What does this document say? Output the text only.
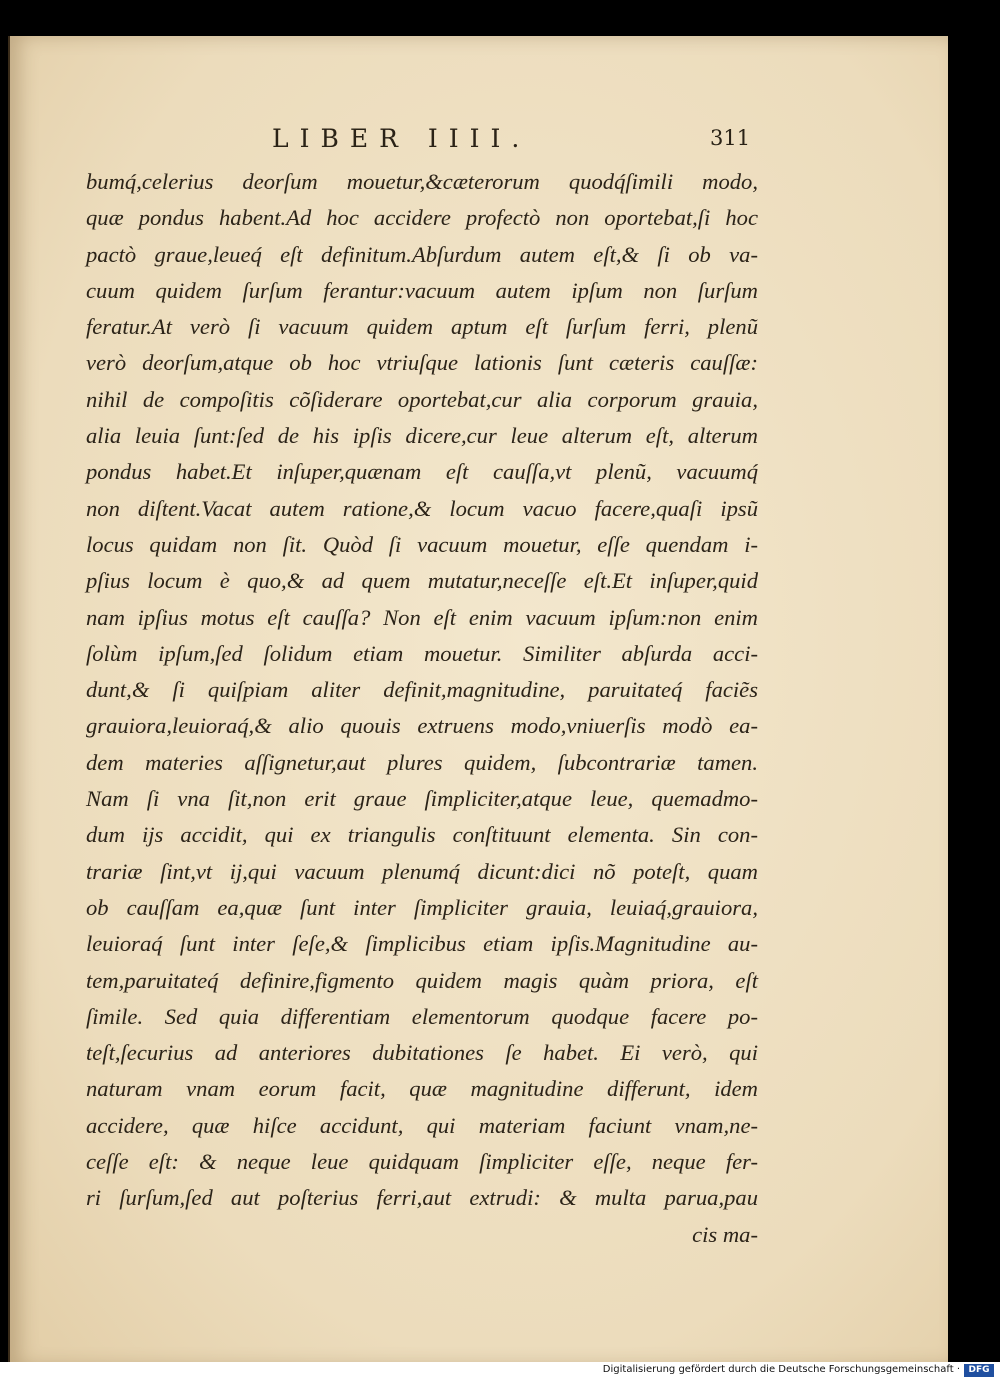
LIBER IIII.	311
bumq́,celerius deorſum mouetur,&cæterorum quodq́ſimili modo,
quæ pondus habent.Ad hoc accidere profectò non oportebat,ſi hoc
pactò graue,leueq́ eſt definitum.Abſurdum autem eſt,& ſi ob va-
cuum quidem ſurſum ferantur:vacuum autem ipſum non ſurſum
feratur.At verò ſi vacuum quidem aptum eſt ſurſum ferri, plenũ
verò deorſum,atque ob hoc vtriuſque lationis ſunt cæteris cauſſæ:
nihil de compoſitis cõſiderare oportebat,cur alia corporum grauia,
alia leuia ſunt:ſed de his ipſis dicere,cur leue alterum eſt, alterum
pondus habet.Et inſuper,quænam eſt cauſſa,vt plenũ, vacuumq́
non diſtent.Vacat autem ratione,& locum vacuo facere,quaſi ipsũ
locus quidam non ſit. Quòd ſi vacuum mouetur, eſſe quendam i-
pſius locum è quo,& ad quem mutatur,neceſſe eſt.Et inſuper,quid
nam ipſius motus eſt cauſſa? Non eſt enim vacuum ipſum:non enim
ſolùm ipſum,ſed ſolidum etiam mouetur. Similiter abſurda acci-
dunt,& ſi quiſpiam aliter definit,magnitudine, paruitateq́ faciẽs
grauiora,leuioraq́,& alio quouis extruens modo,vniuerſis modò ea-
dem materies aſſignetur,aut plures quidem, ſubcontrariæ tamen.
Nam ſi vna ſit,non erit graue ſimpliciter,atque leue, quemadmo-
dum ijs accidit, qui ex triangulis conſtituunt elementa. Sin con-
trariæ ſint,vt ij,qui vacuum plenumq́ dicunt:dici nõ poteſt, quam
ob cauſſam ea,quæ ſunt inter ſimpliciter grauia, leuiaq́,grauiora,
leuioraq́ ſunt inter ſeſe,& ſimplicibus etiam ipſis.Magnitudine au-
tem,paruitateq́ definire,figmento quidem magis quàm priora, eſt
ſimile. Sed quia differentiam elementorum quodque facere po-
teſt,ſecurius ad anteriores dubitationes ſe habet. Ei verò, qui
naturam vnam eorum facit, quæ magnitudine differunt, idem
accidere, quæ hiſce accidunt, qui materiam faciunt vnam,ne-
ceſſe eſt: & neque leue quidquam ſimpliciter eſſe, neque fer-
ri ſurſum,ſed aut poſterius ferri,aut extrudi: & multa parua,pau
cis ma-
Digitalisierung gefördert durch die Deutsche Forschungsgemeinschaft · DFG
